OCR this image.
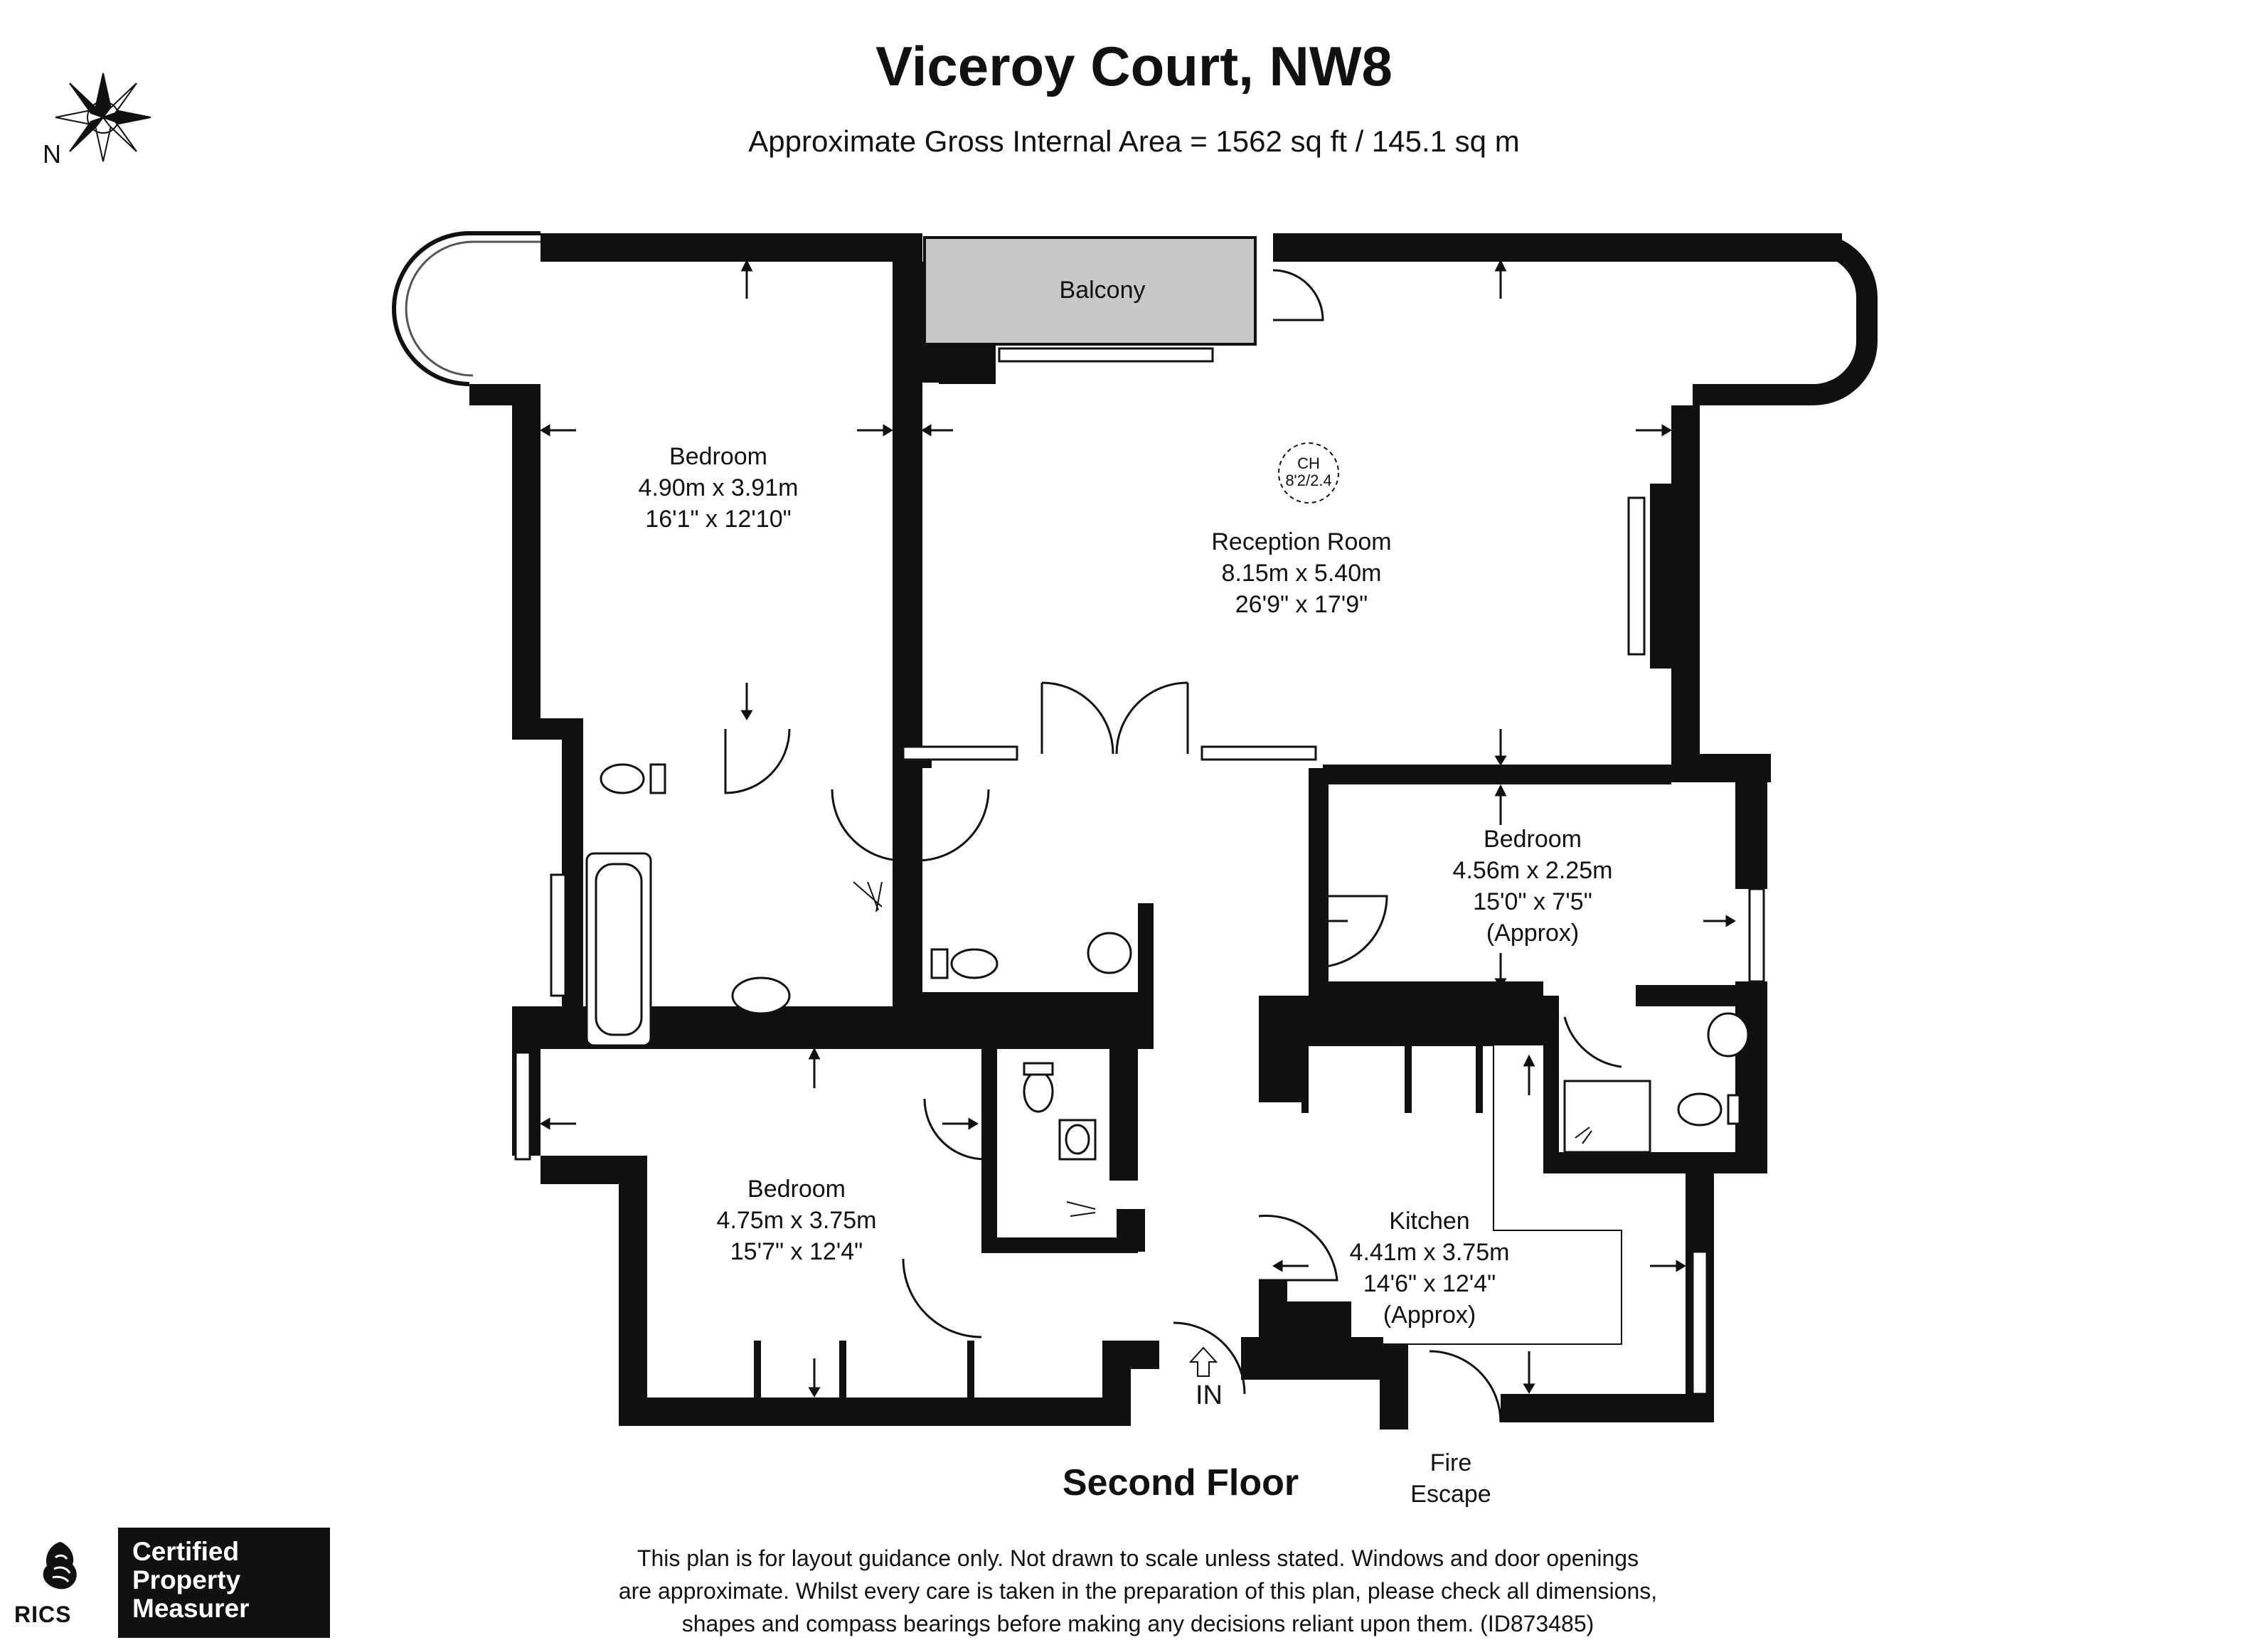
Viceroy Court, NW8
Approximate Gross Internal Area = 1562 sq ft / 145.1 sq m
N
Bedroom
4.90m x 3.91m
16'1" x 12'10"
Reception Room
8.15m x 5.40m
26'9" x 17'9"
Bedroom
4.56m x 2.25m
15'0" x 7'5"
(Approx)
Bedroom
4.75m x 3.75m
15'7" x 12'4"
Kitchen
4.41m x 3.75m
14'6" x 12'4"
(Approx)
Balcony
CH
8'2/2.4
IN
Fire
Escape
Second Floor
This plan is for layout guidance only. Not drawn to scale unless stated. Windows and door openings
are approximate. Whilst every care is taken in the preparation of this plan, please check all dimensions,
shapes and compass bearings before making any decisions reliant upon them. (ID873485)
RICS
Certified
Property
Measurer
